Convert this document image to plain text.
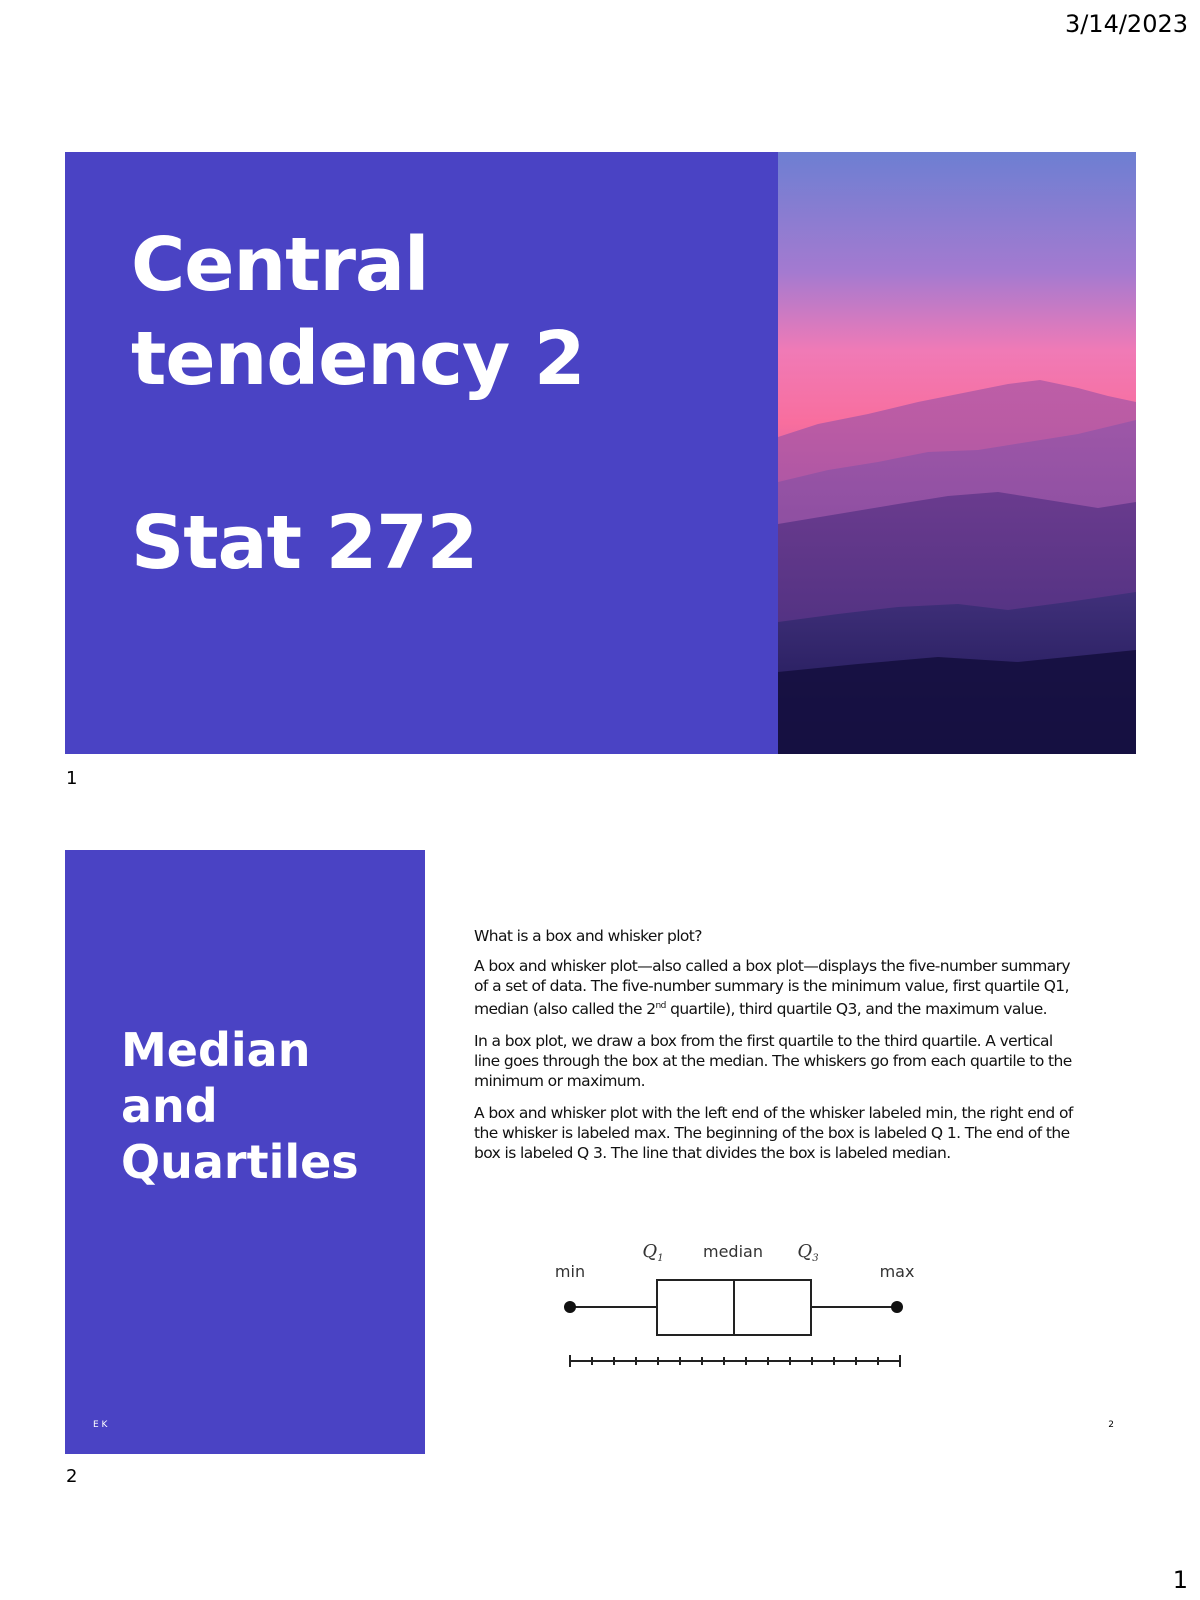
3/14/2023
Central
tendency 2
Stat 272
1
Median
and
Quartiles
E K

What is a box and whisker plot?

A box and whisker plot—also called a box plot—displays the five-number summary of a set of data. The five-number summary is the minimum value, first quartile Q1, median (also called the 2nd quartile), third quartile Q3, and the maximum value.

In a box plot, we draw a box from the first quartile to the third quartile. A vertical line goes through the box at the median. The whiskers go from each quartile to the minimum or maximum.

A box and whisker plot with the left end of the whisker labeled min, the right end of the whisker is labeled max. The beginning of the box is labeled Q 1. The end of the box is labeled Q 3. The line that divides the box is labeled median.

min
$Q_1$ median $Q_3$
max
2
2
1
